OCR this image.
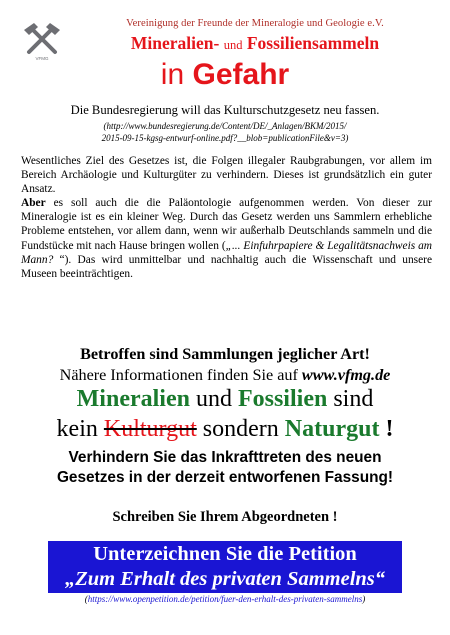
VFMG
Vereinigung der Freunde der Mineralogie und Geologie e.V.
Mineralien- und Fossiliensammeln
in Gefahr
Die Bundesregierung will das Kulturschutzgesetz neu fassen.
(http://www.bundesregierung.de/Content/DE/_Anlagen/BKM/2015/
2015-09-15-kgsg-entwurf-online.pdf?__blob=publicationFile&v=3)

Wesentliches Ziel des Gesetzes ist, die Folgen illegaler Raubgrabungen, vor allem im Bereich Archäologie und Kulturgüter zu verhindern. Dieses ist grundsätzlich ein guter Ansatz.

Aber es soll auch die die Paläontologie aufgenommen werden. Von dieser zur Mineralogie ist es ein kleiner Weg. Durch das Gesetz werden uns Sammlern erhebliche Probleme entstehen, vor allem dann, wenn wir außerhalb Deutschlands sammeln und die Fundstücke mit nach Hause bringen wollen („... Einfuhrpapiere & Legalitätsnachweis am Mann? “). Das wird unmittelbar und nachhaltig auch die Wissenschaft und unsere Museen beeinträchtigen.

Betroffen sind Sammlungen jeglicher Art!
Nähere Informationen finden Sie auf www.vfmg.de
Mineralien und Fossilien sind
kein Kulturgut sondern Naturgut !
Verhindern Sie das Inkrafttreten des neuen
Gesetzes in der derzeit entworfenen Fassung!
Schreiben Sie Ihrem Abgeordneten !
Unterzeichnen Sie die Petition
„Zum Erhalt des privaten Sammelns“
(https://www.openpetition.de/petition/fuer-den-erhalt-des-privaten-sammelns)
